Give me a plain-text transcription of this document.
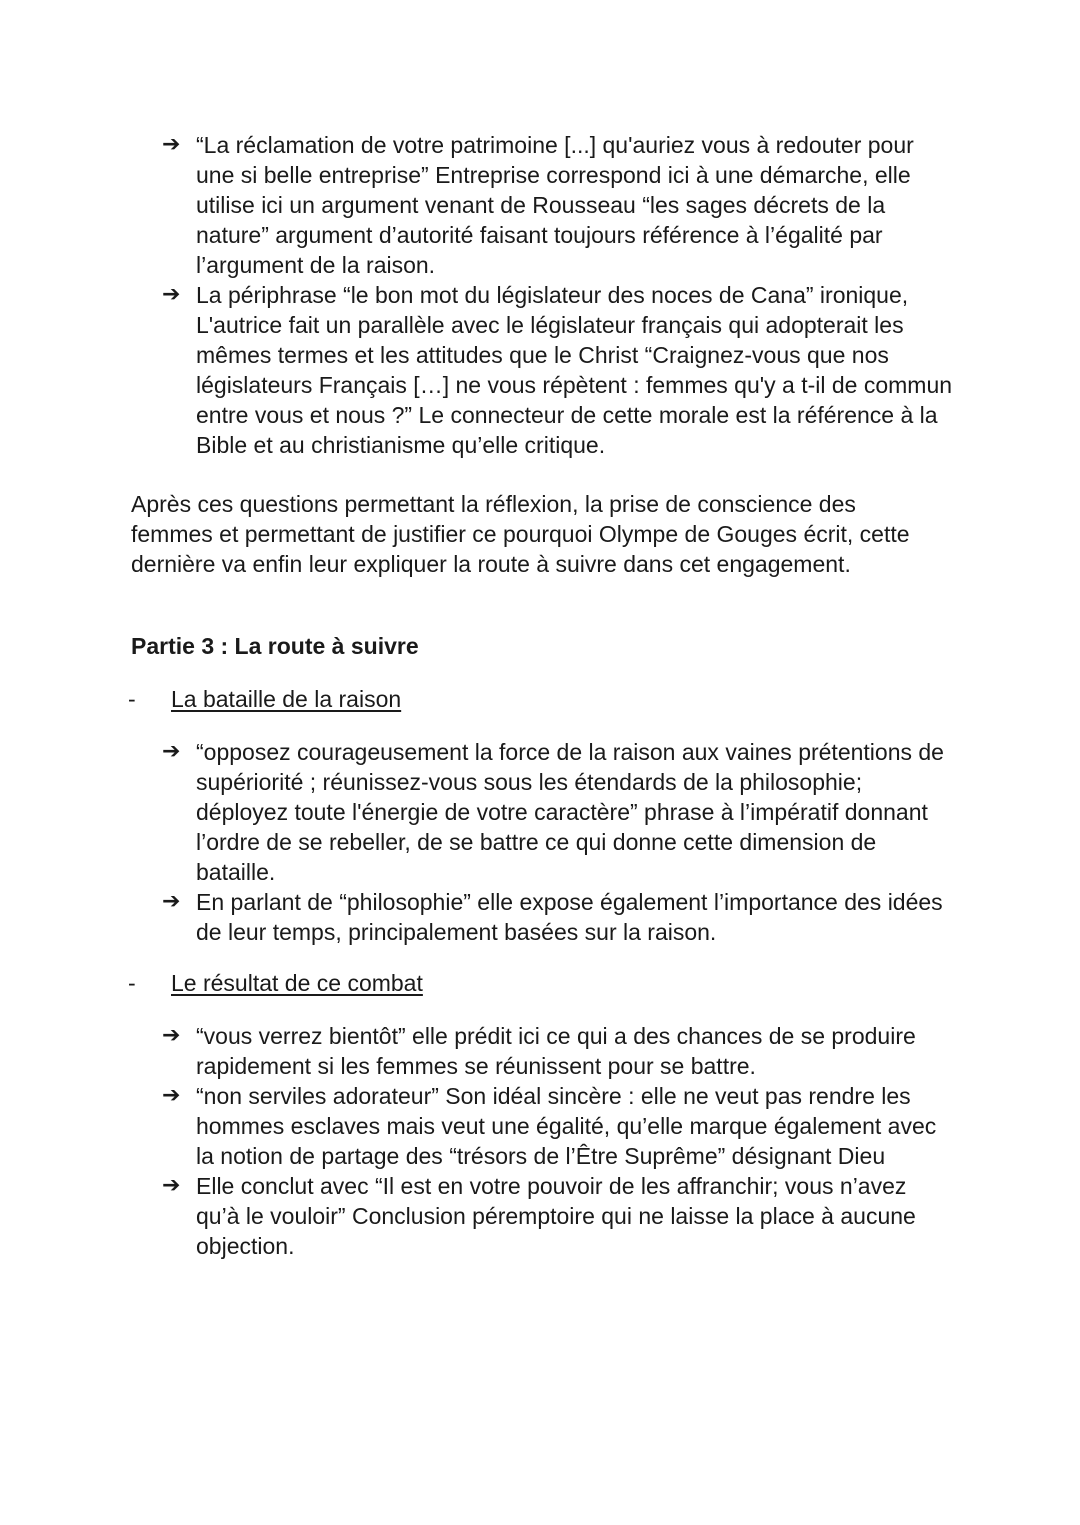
➔ “La réclamation de votre patrimoine [...] qu'auriez vous à redouter pour une si belle entreprise” Entreprise correspond ici à une démarche, elle utilise ici un argument venant de Rousseau “les sages décrets de la nature” argument d’autorité faisant toujours référence à l’égalité par l’argument de la raison.
➔ La périphrase “le bon mot du législateur des noces de Cana” ironique, L'autrice fait un parallèle avec le législateur français qui adopterait les mêmes termes et les attitudes que le Christ “Craignez-vous que nos législateurs Français […] ne vous répètent : femmes qu'y a t-il de commun entre vous et nous ?” Le connecteur de cette morale est la référence à la Bible et au christianisme qu’elle critique.

Après ces questions permettant la réflexion, la prise de conscience des femmes et permettant de justifier ce pourquoi Olympe de Gouges écrit, cette dernière va enfin leur expliquer la route à suivre dans cet engagement.

Partie 3 : La route à suivre

- La bataille de la raison
➔ “opposez courageusement la force de la raison aux vaines prétentions de supériorité ; réunissez-vous sous les étendards de la philosophie; déployez toute l'énergie de votre caractère” phrase à l’impératif donnant l’ordre de se rebeller, de se battre ce qui donne cette dimension de bataille.
➔ En parlant de “philosophie” elle expose également l’importance des idées de leur temps, principalement basées sur la raison.
- Le résultat de ce combat
➔ “vous verrez bientôt” elle prédit ici ce qui a des chances de se produire rapidement si les femmes se réunissent pour se battre.
➔ “non serviles adorateur” Son idéal sincère : elle ne veut pas rendre les hommes esclaves mais veut une égalité, qu’elle marque également avec la notion de partage des “trésors de l’Être Suprême” désignant Dieu
➔ Elle conclut avec “Il est en votre pouvoir de les affranchir; vous n’avez qu’à le vouloir” Conclusion péremptoire qui ne laisse la place à aucune objection.
